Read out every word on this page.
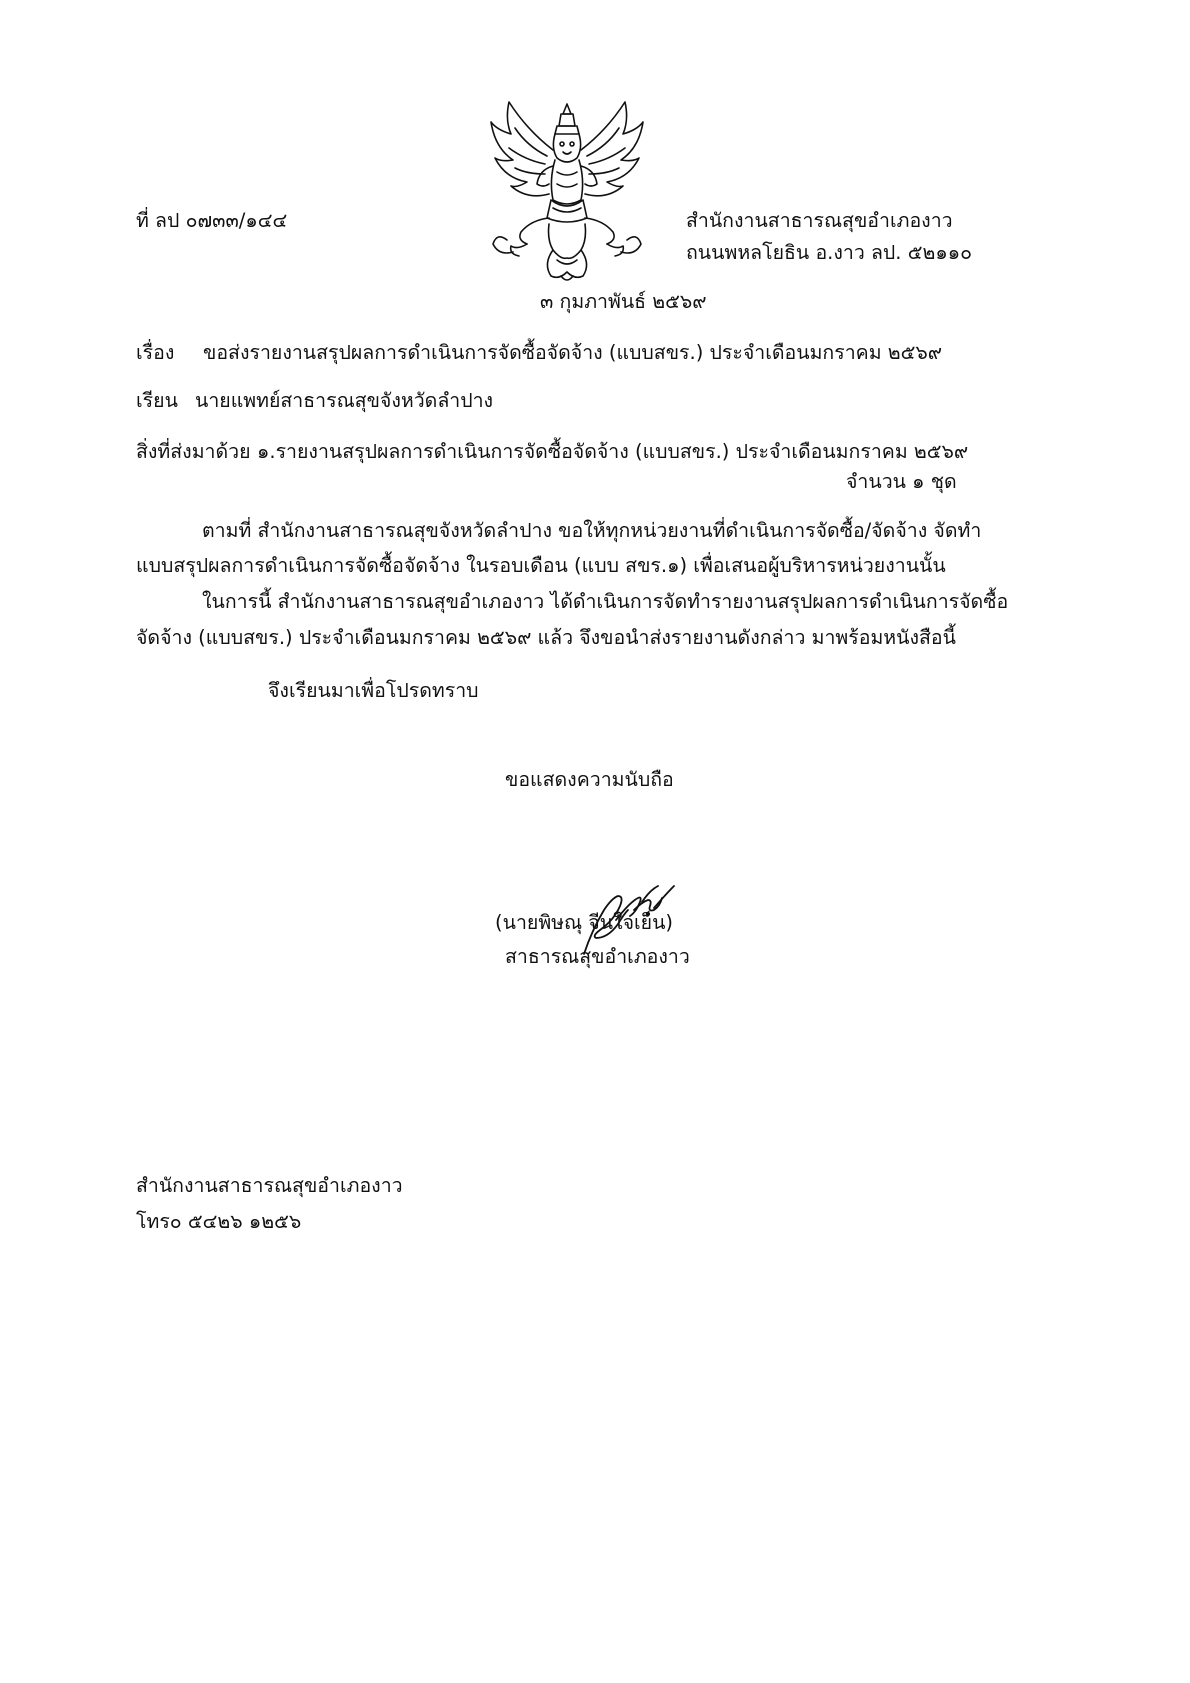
ที่ ลป ๐๗๓๓/๑๔๔	สำนักงานสาธารณสุขอำเภองาว
ถนนพหลโยธิน อ.งาว ลป. ๕๒๑๑๐
๓ กุมภาพันธ์ ๒๕๖๙
เรื่อง ขอส่งรายงานสรุปผลการดำเนินการจัดซื้อจัดจ้าง (แบบสขร.) ประจำเดือนมกราคม ๒๕๖๙
เรียน นายแพทย์สาธารณสุขจังหวัดลำปาง
สิ่งที่ส่งมาด้วย ๑.รายงานสรุปผลการดำเนินการจัดซื้อจัดจ้าง (แบบสขร.) ประจำเดือนมกราคม ๒๕๖๙
จำนวน ๑ ชุด
ตามที่ สำนักงานสาธารณสุขจังหวัดลำปาง ขอให้ทุกหน่วยงานที่ดำเนินการจัดซื้อ/จัดจ้าง จัดทำ
แบบสรุปผลการดำเนินการจัดซื้อจัดจ้าง ในรอบเดือน (แบบ สขร.๑) เพื่อเสนอผู้บริหารหน่วยงานนั้น
ในการนี้ สำนักงานสาธารณสุขอำเภองาว ได้ดำเนินการจัดทำรายงานสรุปผลการดำเนินการจัดซื้อ
จัดจ้าง (แบบสขร.) ประจำเดือนมกราคม ๒๕๖๙ แล้ว จึงขอนำส่งรายงานดังกล่าว มาพร้อมหนังสือนี้
จึงเรียนมาเพื่อโปรดทราบ
ขอแสดงความนับถือ
(นายพิษณุ จีนใจเย็น)
สาธารณสุขอำเภองาว
สำนักงานสาธารณสุขอำเภองาว
โทร๐ ๕๔๒๖ ๑๒๕๖
